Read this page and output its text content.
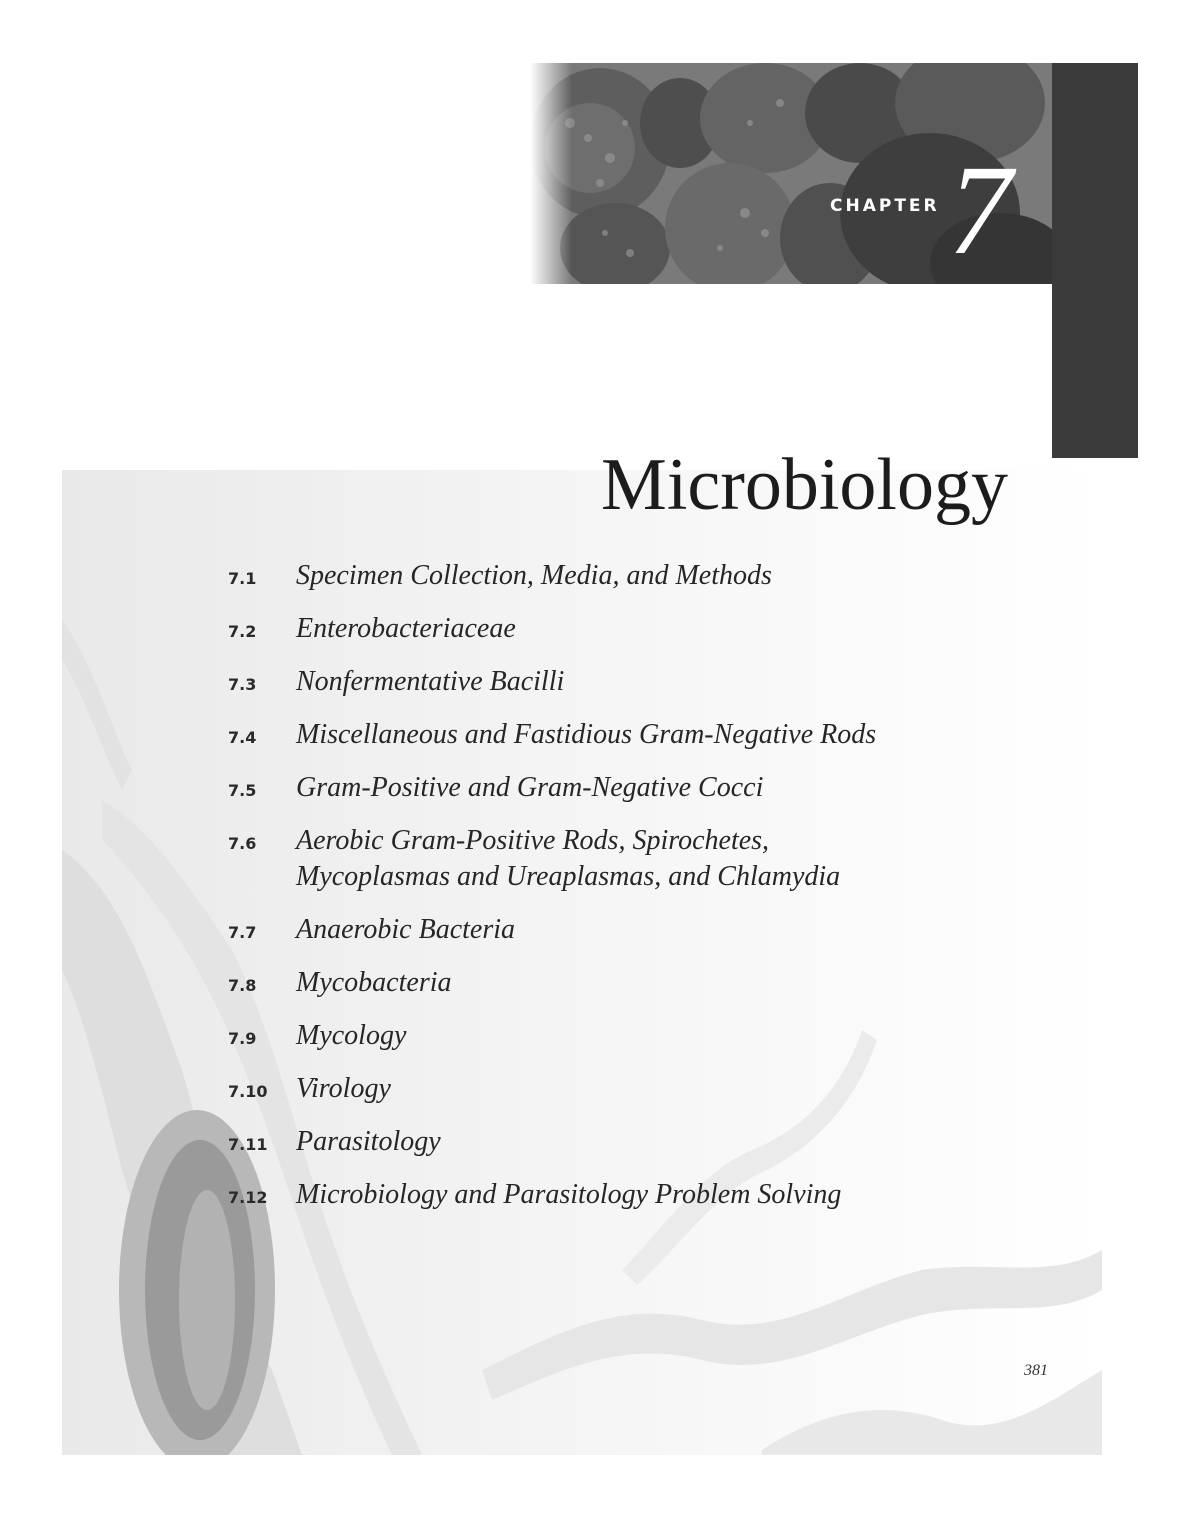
CHAPTER 7
Microbiology
7.1	Specimen Collection, Media, and Methods
7.2	Enterobacteriaceae
7.3	Nonfermentative Bacilli
7.4	Miscellaneous and Fastidious Gram-Negative Rods
7.5	Gram-Positive and Gram-Negative Cocci
7.6	Aerobic Gram-Positive Rods, Spirochetes, Mycoplasmas and Ureaplasmas, and Chlamydia
7.7	Anaerobic Bacteria
7.8	Mycobacteria
7.9	Mycology
7.10	Virology
7.11	Parasitology
7.12	Microbiology and Parasitology Problem Solving
381
